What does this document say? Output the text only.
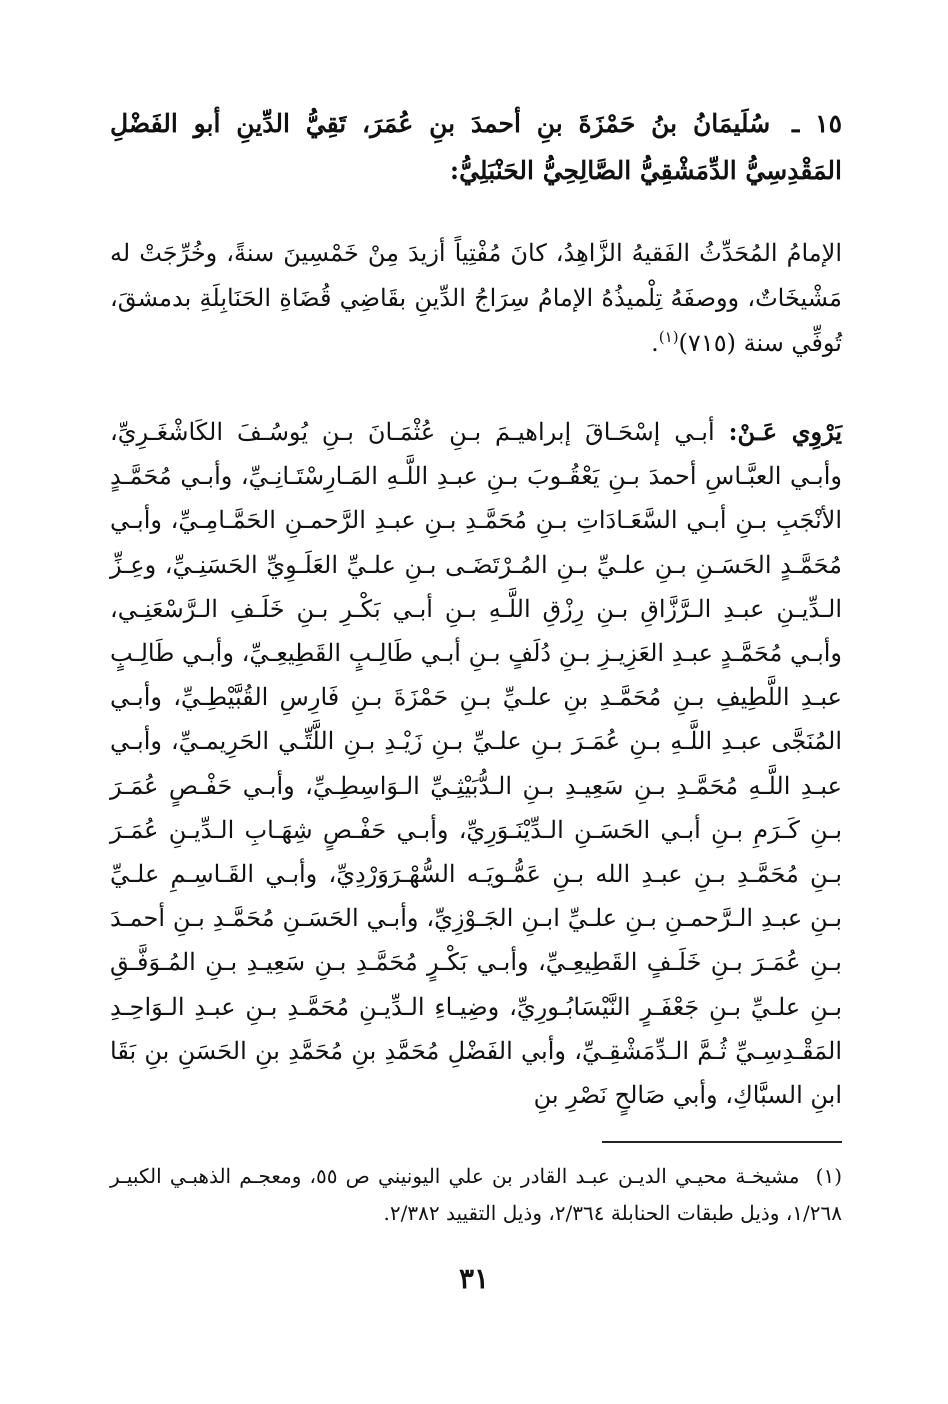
١٥ ـ سُلَيمَانُ بنُ حَمْزَةَ بنِ أحمدَ بنِ عُمَرَ، تَقِيُّ الدِّينِ أبو الفَضْلِ المَقْدِسِيُّ الدِّمَشْقِيُّ الصَّالِحِيُّ الحَنْبَلِيُّ:
الإمامُ المُحَدِّثُ الفَقيهُ الزَّاهِدُ، كانَ مُفْتِياً أزيدَ مِنْ خَمْسِينَ سنةً، وخُرِّجَتْ له مَشْيخَاتٌ، ووصفَهُ تِلْميذُهُ الإمامُ سِرَاجُ الدِّينِ بقَاضِي قُضَاةِ الحَنَابِلَةِ بدمشقَ، تُوفِّي سنة (٧١٥)$^{(١)}$.
يَرْوِي عَـنْ: أبـي إسْحَـاقَ إبراهيـمَ بـنِ عُثْمَـانَ بـنِ يُوسُـفَ الكَاشْغَـرِيِّ، وأبـي العبَّـاسِ أحمدَ بـنِ يَعْقُـوبَ بـنِ عبـدِ اللَّـهِ المَـارِسْتَـانِـيِّ، وأبـي مُحَمَّـدٍ الأنْجَبِ بـنِ أبـي السَّعَـادَاتِ بـنِ مُحَمَّـدِ بـنِ عبـدِ الرَّحمـنِ الحَمَّـامِـيِّ، وأبـي مُحَمَّـدٍ الحَسَـنِ بـنِ علـيِّ بـنِ المُـرْتَضَـى بـنِ علـيِّ العَلَـوِيِّ الحَسَنِـيِّ، وعِـزِّ الـدِّيـنِ عبـدِ الـرَّزَّاقِ بـنِ رِزْقِ اللَّـهِ بـنِ أبـي بَكْـرِ بـنِ خَلَـفِ الـرَّسْعَنِـي، وأبـي مُحَمَّـدٍ عبـدِ العَزِيـزِ بـنِ دُلَفٍ بـنِ أبـي طَالِـبٍ القَطِيعِـيِّ، وأبـي طَالِـبٍ عبـدِ اللَّطِيفِ بـنِ مُحَمَّـدِ بنِ علـيِّ بـنِ حَمْزَةَ بـنِ فَارِسِ القُبَّيْطِـيِّ، وأبـي المُنَجَّى عبـدِ اللَّـهِ بـنِ عُمَـرَ بـنِ علـيِّ بـنِ زَيْـدِ بـنِ اللَّتِّـي الحَرِيمـيِّ، وأبـي عبـدِ اللَّـهِ مُحَمَّـدِ بـنِ سَعِيـدِ بـنِ الـدُّبَيْثِـيِّ الـوَاسِطِـيِّ، وأبـي حَفْـصٍ عُمَـرَ بـنِ كَـرَمِ بـنِ أبـي الحَسَـنِ الـدِّيْنَـوَرِيِّ، وأبـي حَفْـصٍ شِهَـابِ الـدِّيـنِ عُمَـرَ بـنِ مُحَمَّـدِ بـنِ عبـدِ الله بـنِ عَمُّـويَـه السُّهْـرَوَرْدِيِّ، وأبـي القَـاسِـمِ علـيِّ بـنِ عبـدِ الـرَّحمـنِ بـنِ علـيِّ ابـنِ الجَـوْزِيِّ، وأبـي الحَسَـنِ مُحَمَّـدِ بـنِ أحمـدَ بـنِ عُمَـرَ بـنِ خَلَـفٍ القَطِيعِـيِّ، وأبـي بَكْـرٍ مُحَمَّـدِ بـنِ سَعِيـدِ بـنِ المُـوَفَّـقِ بـنِ علـيِّ بـنِ جَعْفَـرٍ النَّيْسَابُـورِيِّ، وضِيـاءِ الـدِّيـنِ مُحَمَّـدِ بـنِ عبـدِ الـوَاحِـدِ المَقْـدِسِـيِّ ثُـمَّ الـدِّمَشْقِـيِّ، وأبي الفَضْلِ مُحَمَّدِ بنِ مُحَمَّدِ بنِ الحَسَنِ بنِ بَقَا ابنِ السبَّاكِ، وأبي صَالحٍ نَصْرِ بنِ
(١) مشيخـة محيـي الديـن عبـد القادر بن علي اليونيني ص ٥٥، ومعجـم الذهبـي الكبيـر ١/٢٦٨، وذيل طبقات الحنابلة ٢/٣٦٤، وذيل التقييد ٢/٣٨٢.
٣١
